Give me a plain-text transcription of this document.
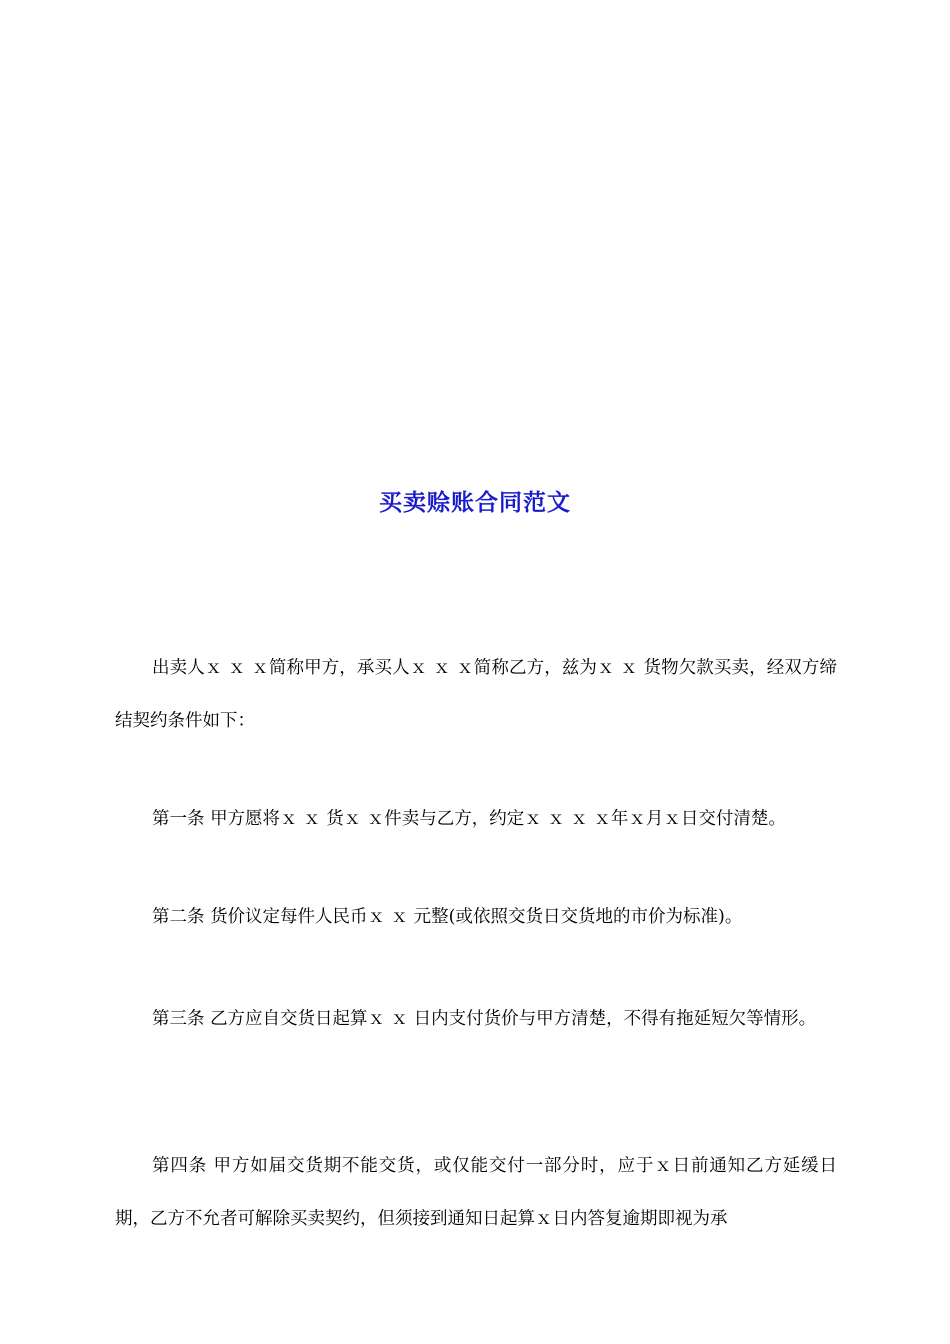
买卖赊账合同范文

出卖人ｘ ｘ ｘ简称甲方，承买人ｘ ｘ ｘ简称乙方，兹为ｘ ｘ 货物欠款买卖，经双方缔结契约条件如下：

第一条 甲方愿将ｘ ｘ 货ｘ ｘ件卖与乙方，约定ｘ ｘ ｘ ｘ年ｘ月ｘ日交付清楚。

第二条 货价议定每件人民币ｘ ｘ 元整(或依照交货日交货地的市价为标准)。

第三条 乙方应自交货日起算ｘ ｘ 日内支付货价与甲方清楚，不得有拖延短欠等情形。

第四条 甲方如届交货期不能交货，或仅能交付一部分时，应于ｘ日前通知乙方延缓日期，乙方不允者可解除买卖契约，但须接到通知日起算ｘ日内答复逾期即视为承
